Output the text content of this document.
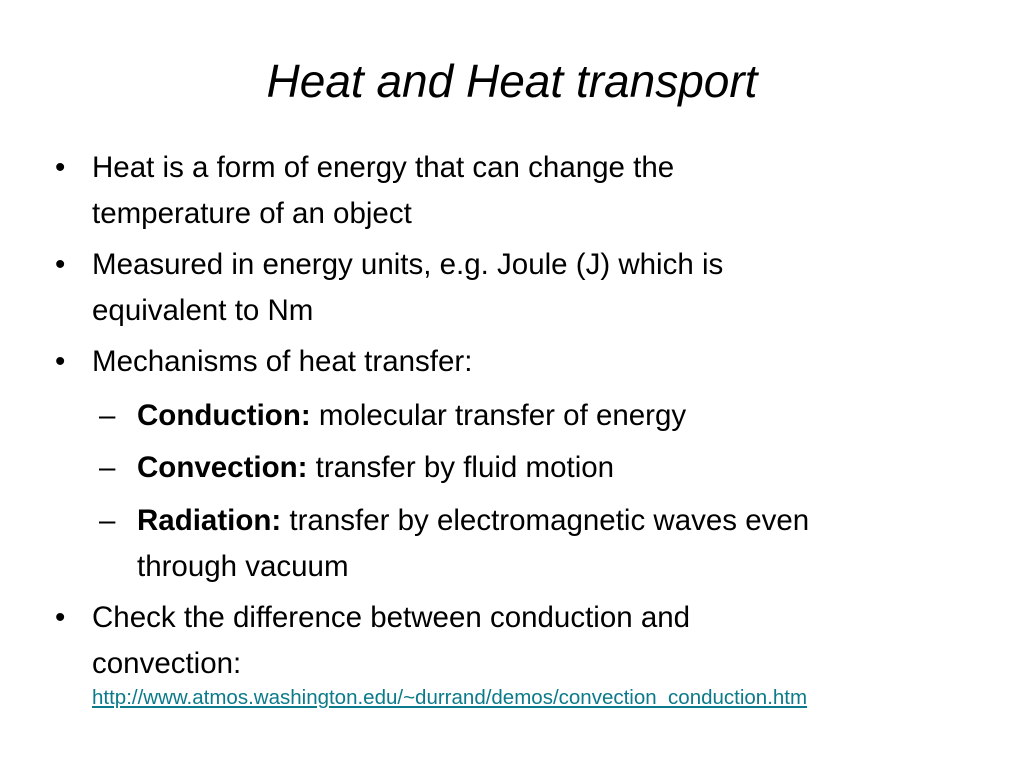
Heat and Heat transport
• Heat is a form of energy that can change the
temperature of an object
• Measured in energy units, e.g. Joule (J) which is
equivalent to Nm
• Mechanisms of heat transfer:
– Conduction: molecular transfer of energy
– Convection: transfer by fluid motion
– Radiation: transfer by electromagnetic waves even
through vacuum
• Check the difference between conduction and
convection:
http://www.atmos.washington.edu/~durrand/demos/convection_conduction.htm
